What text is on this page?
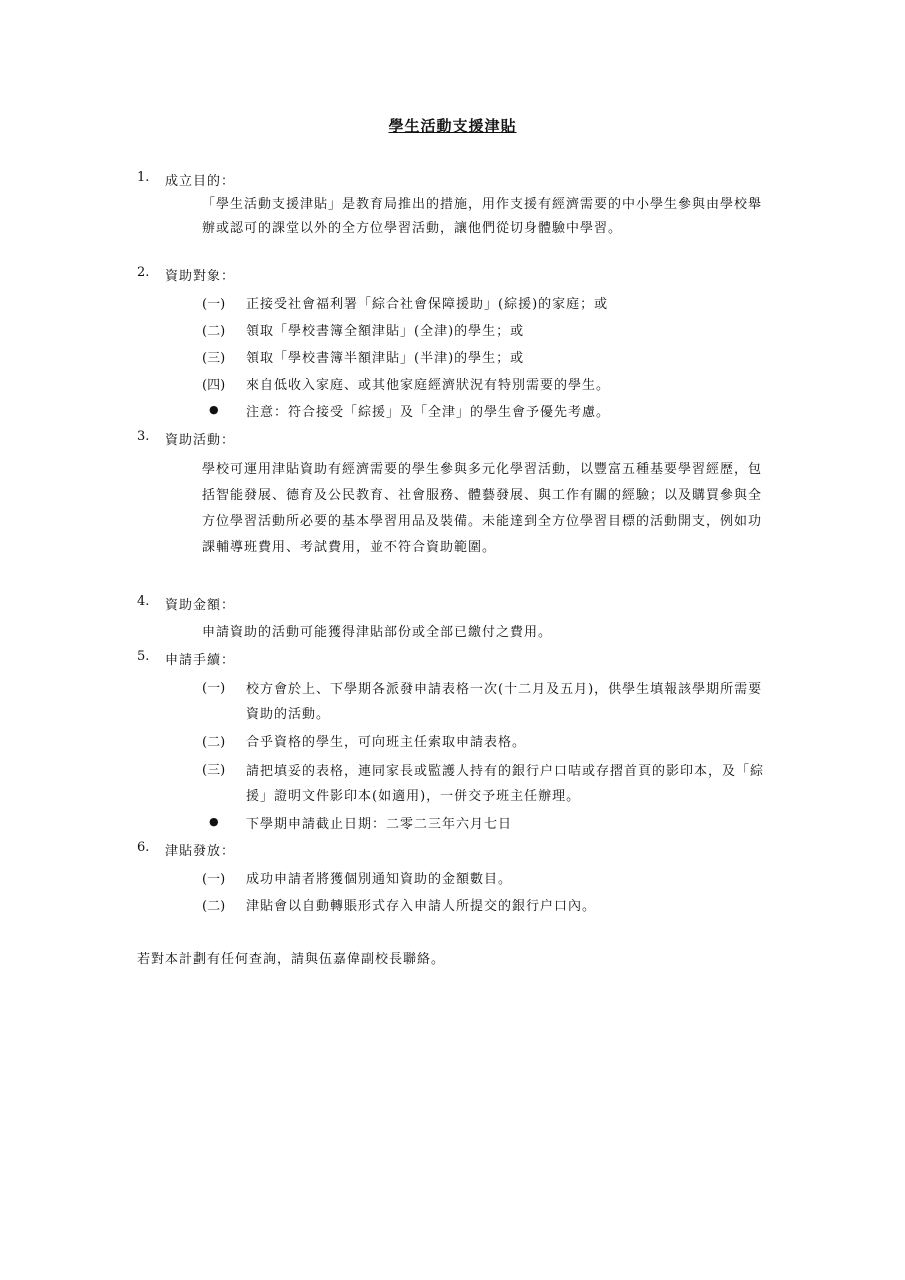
學生活動支援津貼
1. 成立目的：
「學生活動支援津貼」是教育局推出的措施，用作支援有經濟需要的中小學生參與由學校舉辦或認可的課堂以外的全方位學習活動，讓他們從切身體驗中學習。
2. 資助對象：
(一) 正接受社會福利署「綜合社會保障援助」(綜援)的家庭；或
(二) 領取「學校書簿全額津貼」(全津)的學生；或
(三) 領取「學校書簿半額津貼」(半津)的學生；或
(四) 來自低收入家庭、或其他家庭經濟狀況有特別需要的學生。
● 注意：符合接受「綜援」及「全津」的學生會予優先考慮。
3. 資助活動：
學校可運用津貼資助有經濟需要的學生參與多元化學習活動，以豐富五種基要學習經歷，包括智能發展、德育及公民教育、社會服務、體藝發展、與工作有關的經驗；以及購買參與全方位學習活動所必要的基本學習用品及裝備。未能達到全方位學習目標的活動開支，例如功課輔導班費用、考試費用，並不符合資助範圍。
4. 資助金額：
申請資助的活動可能獲得津貼部份或全部已繳付之費用。
5. 申請手續：
(一) 校方會於上、下學期各派發申請表格一次(十二月及五月)，供學生填報該學期所需要資助的活動。
(二) 合乎資格的學生，可向班主任索取申請表格。
(三) 請把填妥的表格，連同家長或監護人持有的銀行户口咭或存摺首頁的影印本，及「綜援」證明文件影印本(如適用)，一併交予班主任辦理。
● 下學期申請截止日期：二零二三年六月七日
6. 津貼發放：
(一) 成功申請者將獲個別通知資助的金額數目。
(二) 津貼會以自動轉賬形式存入申請人所提交的銀行户口內。
若對本計劃有任何查詢，請與伍嘉偉副校長聯絡。
